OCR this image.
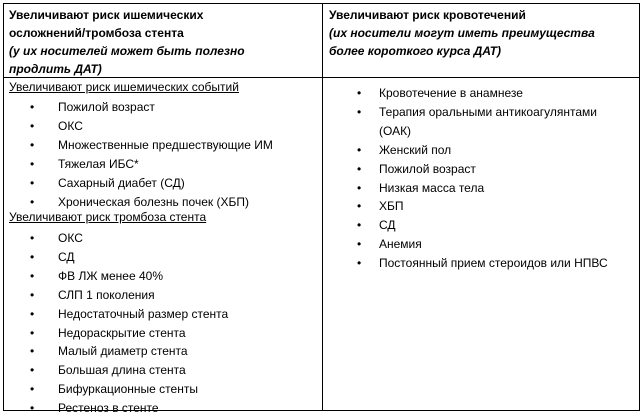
Увеличивают риск ишемических
осложнений/тромбоза стента
(у их носителей может быть полезно
продлить ДАТ)
Увеличивают риск кровотечений
(их носители могут иметь преимущества
более короткого курса ДАТ)
Увеличивают риск ишемических событий
• Пожилой возраст
• ОКС
• Множественные предшествующие ИМ
• Тяжелая ИБС*
• Сахарный диабет (СД)
• Хроническая болезнь почек (ХБП)
Увеличивают риск тромбоза стента
• ОКС
• СД
• ФВ ЛЖ менее 40%
• СЛП 1 поколения
• Недостаточный размер стента
• Недораскрытие стента
• Малый диаметр стента
• Большая длина стента
• Бифуркационные стенты
• Рестеноз в стенте
• Кровотечение в анамнезе
• Терапия оральными антикоагулянтами
(ОАК)
• Женский пол
• Пожилой возраст
• Низкая масса тела
• ХБП
• СД
• Анемия
• Постоянный прием стероидов или НПВС
